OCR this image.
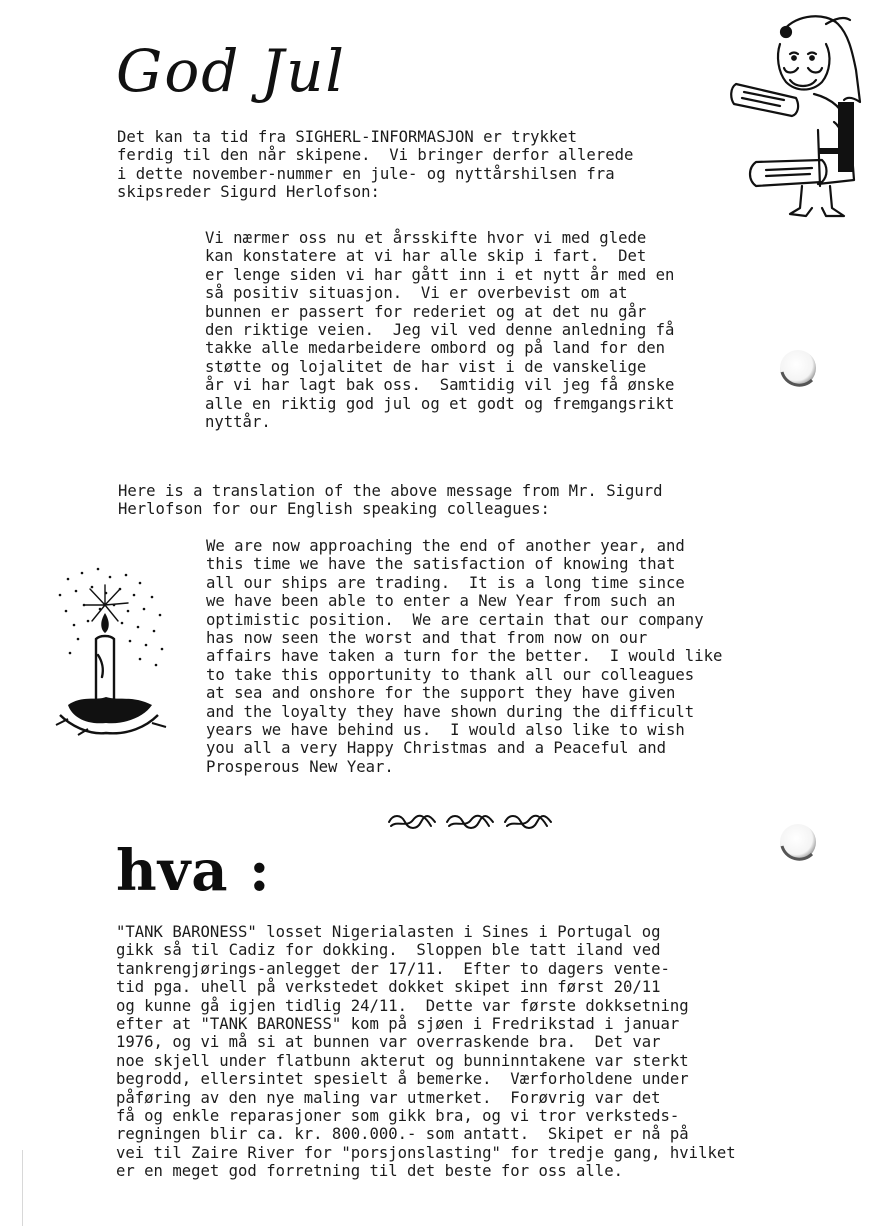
God Jul
Det kan ta tid fra SIGHERL-INFORMASJON er trykket
ferdig til den når skipene.  Vi bringer derfor allerede
i dette november-nummer en jule- og nyttårshilsen fra
skipsreder Sigurd Herlofson:
Vi nærmer oss nu et årsskifte hvor vi med glede
kan konstatere at vi har alle skip i fart.  Det
er lenge siden vi har gått inn i et nytt år med en
så positiv situasjon.  Vi er overbevist om at
bunnen er passert for rederiet og at det nu går
den riktige veien.  Jeg vil ved denne anledning få
takke alle medarbeidere ombord og på land for den
støtte og lojalitet de har vist i de vanskelige
år vi har lagt bak oss.  Samtidig vil jeg få ønske
alle en riktig god jul og et godt og fremgangsrikt
nyttår.
Here is a translation of the above message from Mr. Sigurd
Herlofson for our English speaking colleagues:
We are now approaching the end of another year, and
this time we have the satisfaction of knowing that
all our ships are trading.  It is a long time since
we have been able to enter a New Year from such an
optimistic position.  We are certain that our company
has now seen the worst and that from now on our
affairs have taken a turn for the better.  I would like
to take this opportunity to thank all our colleagues
at sea and onshore for the support they have given
and the loyalty they have shown during the difficult
years we have behind us.  I would also like to wish
you all a very Happy Christmas and a Peaceful and
Prosperous New Year.
hva :
"TANK BARONESS" losset Nigerialasten i Sines i Portugal og
gikk så til Cadiz for dokking.  Sloppen ble tatt iland ved
tankrengjørings-anlegget der 17/11.  Efter to dagers vente-
tid pga. uhell på verkstedet dokket skipet inn først 20/11
og kunne gå igjen tidlig 24/11.  Dette var første dokksetning
efter at "TANK BARONESS" kom på sjøen i Fredrikstad i januar
1976, og vi må si at bunnen var overraskende bra.  Det var
noe skjell under flatbunn akterut og bunninntakene var sterkt
begrodd, ellersintet spesielt å bemerke.  Værforholdene under
påføring av den nye maling var utmerket.  Forøvrig var det
få og enkle reparasjoner som gikk bra, og vi tror verksteds-
regningen blir ca. kr. 800.000.- som antatt.  Skipet er nå på
vei til Zaire River for "porsjonslasting" for tredje gang, hvilket
er en meget god forretning til det beste for oss alle.
